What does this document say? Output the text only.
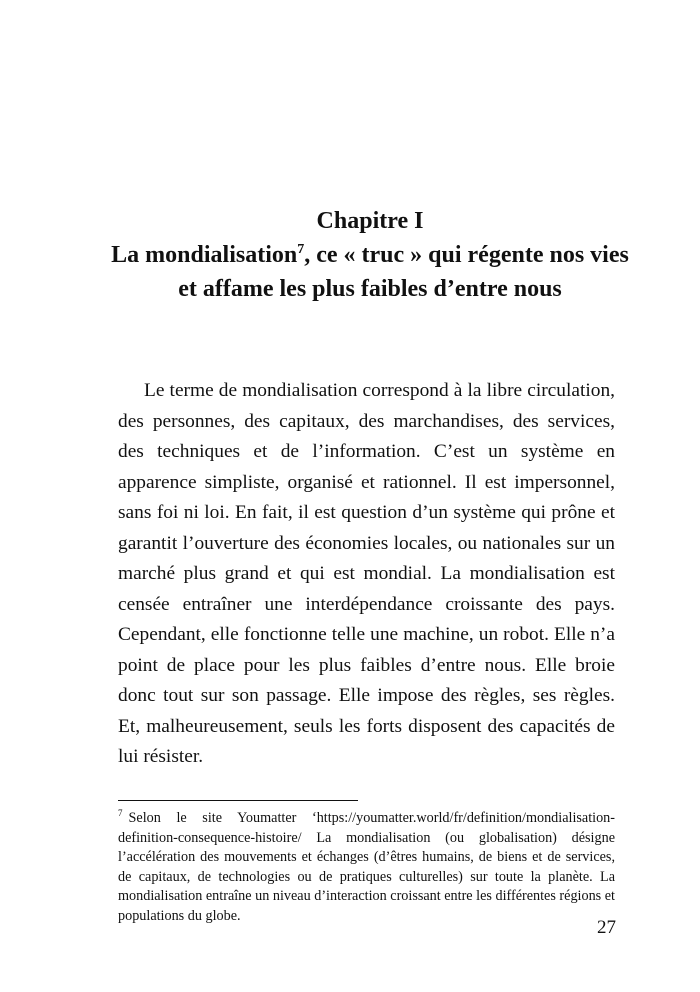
Chapitre I
La mondialisation$^7$, ce « truc » qui régente nos vies
et affame les plus faibles d’entre nous

Le terme de mondialisation correspond à la libre circulation, des personnes, des capitaux, des marchandises, des services, des techniques et de l’information. C’est un système en apparence simpliste, organisé et rationnel. Il est impersonnel, sans foi ni loi. En fait, il est question d’un système qui prône et garantit l’ouverture des économies locales, ou nationales sur un marché plus grand et qui est mondial. La mondialisation est censée entraîner une interdépendance croissante des pays. Cependant, elle fonctionne telle une machine, un robot. Elle n’a point de place pour les plus faibles d’entre nous. Elle broie donc tout sur son passage. Elle impose des règles, ses règles. Et, malheureusement, seuls les forts disposent des capacités de lui résister.

$^7$ Selon le site Youmatter ‘https://youmatter.world/fr/definition/mondialisation-definition-consequence-histoire/ La mondialisation (ou globalisation) désigne l’accélération des mouvements et échanges (d’êtres humains, de biens et de services, de capitaux, de technologies ou de pratiques culturelles) sur toute la planète. La mondialisation entraîne un niveau d’interaction croissant entre les différentes régions et populations du globe.

27
